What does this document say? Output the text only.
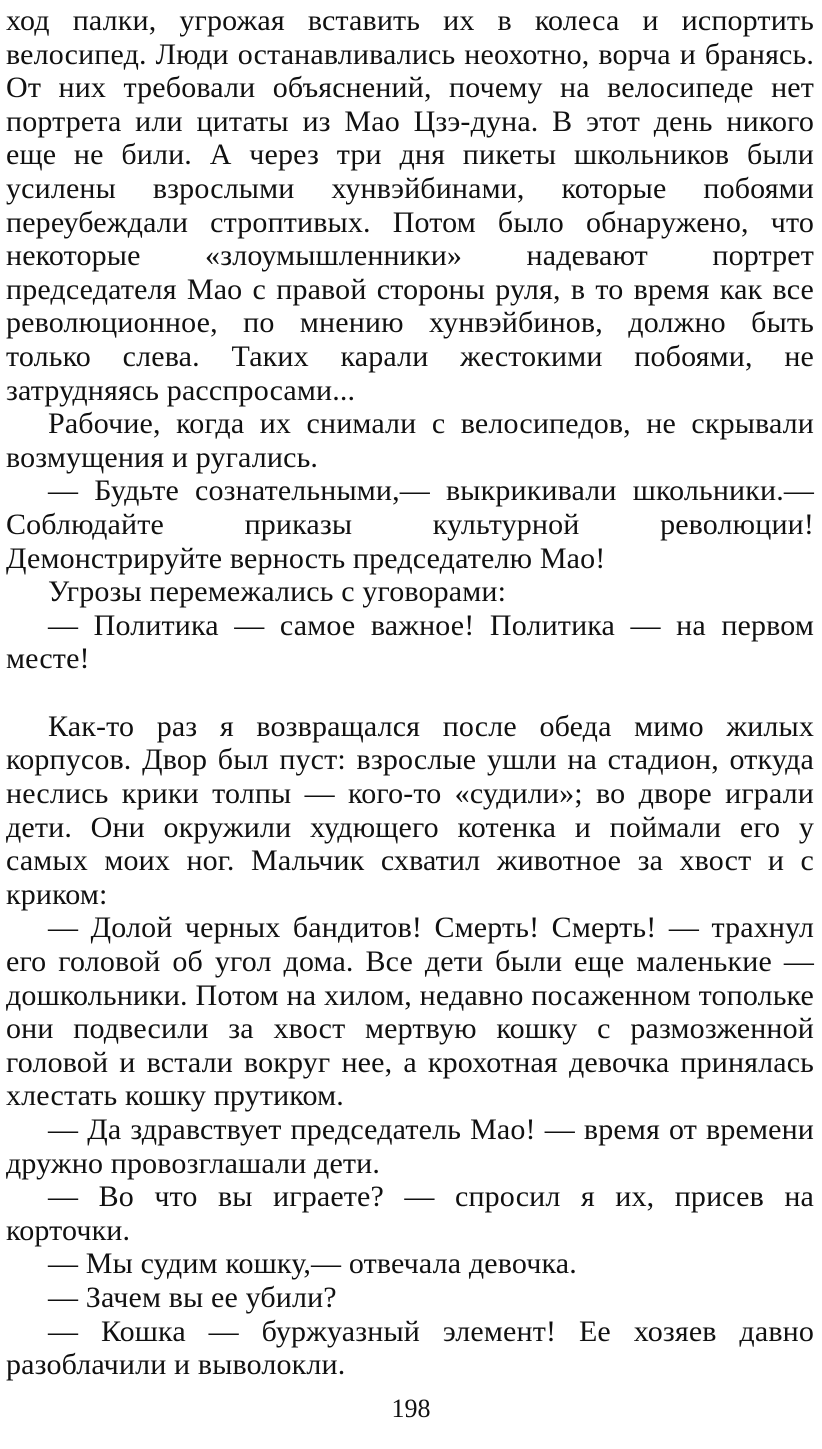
ход палки, угрожая вставить их в колеса и испортить велосипед. Люди останавливались неохотно, ворча и бранясь. От них требовали объяснений, почему на велосипеде нет портрета или цитаты из Мао Цзэ-дуна. В этот день никого еще не били. А через три дня пикеты школьников были усилены взрослыми хунвэйбинами, которые побоями переубеждали строптивых. Потом было обнаружено, что некоторые «злоумышленники» надевают портрет председателя Мао с правой стороны руля, в то время как все революционное, по мнению хунвэйбинов, должно быть только слева. Таких карали жестокими побоями, не затрудняясь расспросами...

Рабочие, когда их снимали с велосипедов, не скрывали возмущения и ругались.

— Будьте сознательными,— выкрикивали школьники.— Соблюдайте приказы культурной революции! Демонстрируйте верность председателю Мао!

Угрозы перемежались с уговорами:

— Политика — самое важное! Политика — на первом месте!

Как-то раз я возвращался после обеда мимо жилых корпусов. Двор был пуст: взрослые ушли на стадион, откуда неслись крики толпы — кого-то «судили»; во дворе играли дети. Они окружили худющего котенка и поймали его у самых моих ног. Мальчик схватил животное за хвост и с криком:

— Долой черных бандитов! Смерть! Смерть! — трахнул его головой об угол дома. Все дети были еще маленькие — дошкольники. Потом на хилом, недавно посаженном топольке они подвесили за хвост мертвую кошку с размозженной головой и встали вокруг нее, а крохотная девочка принялась хлестать кошку прутиком.

— Да здравствует председатель Мао! — время от времени дружно провозглашали дети.

— Во что вы играете? — спросил я их, присев на корточки.

— Мы судим кошку,— отвечала девочка.

— Зачем вы ее убили?

— Кошка — буржуазный элемент! Ее хозяев давно разоблачили и выволокли.

198
